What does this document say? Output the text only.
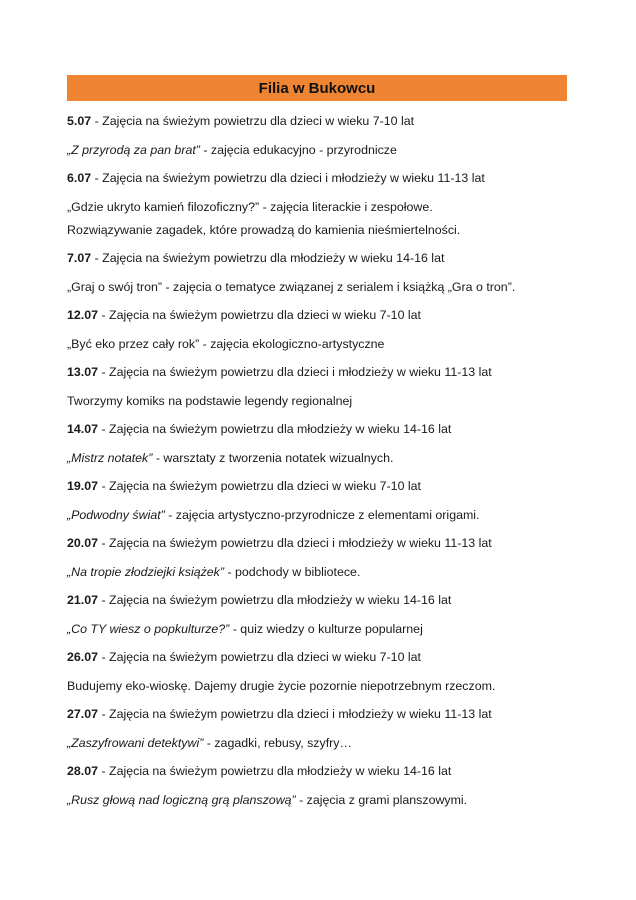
Filia w Bukowcu

5.07 - Zajęcia na świeżym powietrzu dla dzieci w wieku 7-10 lat

„Z przyrodą za pan brat” - zajęcia edukacyjno - przyrodnicze

6.07 - Zajęcia na świeżym powietrzu dla dzieci i młodzieży w wieku 11-13 lat

„Gdzie ukryto kamień filozoficzny?” - zajęcia literackie i zespołowe.

Rozwiązywanie zagadek, które prowadzą do kamienia nieśmiertelności.

7.07 - Zajęcia na świeżym powietrzu dla młodzieży w wieku 14-16 lat

„Graj o swój tron” - zajęcia o tematyce związanej z serialem i książką „Gra o tron”.

12.07 - Zajęcia na świeżym powietrzu dla dzieci w wieku 7-10 lat

„Być eko przez cały rok” - zajęcia ekologiczno-artystyczne

13.07 - Zajęcia na świeżym powietrzu dla dzieci i młodzieży w wieku 11-13 lat

Tworzymy komiks na podstawie legendy regionalnej

14.07 - Zajęcia na świeżym powietrzu dla młodzieży w wieku 14-16 lat

„Mistrz notatek” - warsztaty z tworzenia notatek wizualnych.

19.07 - Zajęcia na świeżym powietrzu dla dzieci w wieku 7-10 lat

„Podwodny świat” - zajęcia artystyczno-przyrodnicze z elementami origami.

20.07 - Zajęcia na świeżym powietrzu dla dzieci i młodzieży w wieku 11-13 lat

„Na tropie złodziejki książek” - podchody w bibliotece.

21.07 - Zajęcia na świeżym powietrzu dla młodzieży w wieku 14-16 lat

„Co TY wiesz o popkulturze?” - quiz wiedzy o kulturze popularnej

26.07 - Zajęcia na świeżym powietrzu dla dzieci w wieku 7-10 lat

Budujemy eko-wioskę. Dajemy drugie życie pozornie niepotrzebnym rzeczom.

27.07 - Zajęcia na świeżym powietrzu dla dzieci i młodzieży w wieku 11-13 lat

„Zaszyfrowani detektywi” - zagadki, rebusy, szyfry…

28.07 - Zajęcia na świeżym powietrzu dla młodzieży w wieku 14-16 lat

„Rusz głową nad logiczną grą planszową” - zajęcia z grami planszowymi.
